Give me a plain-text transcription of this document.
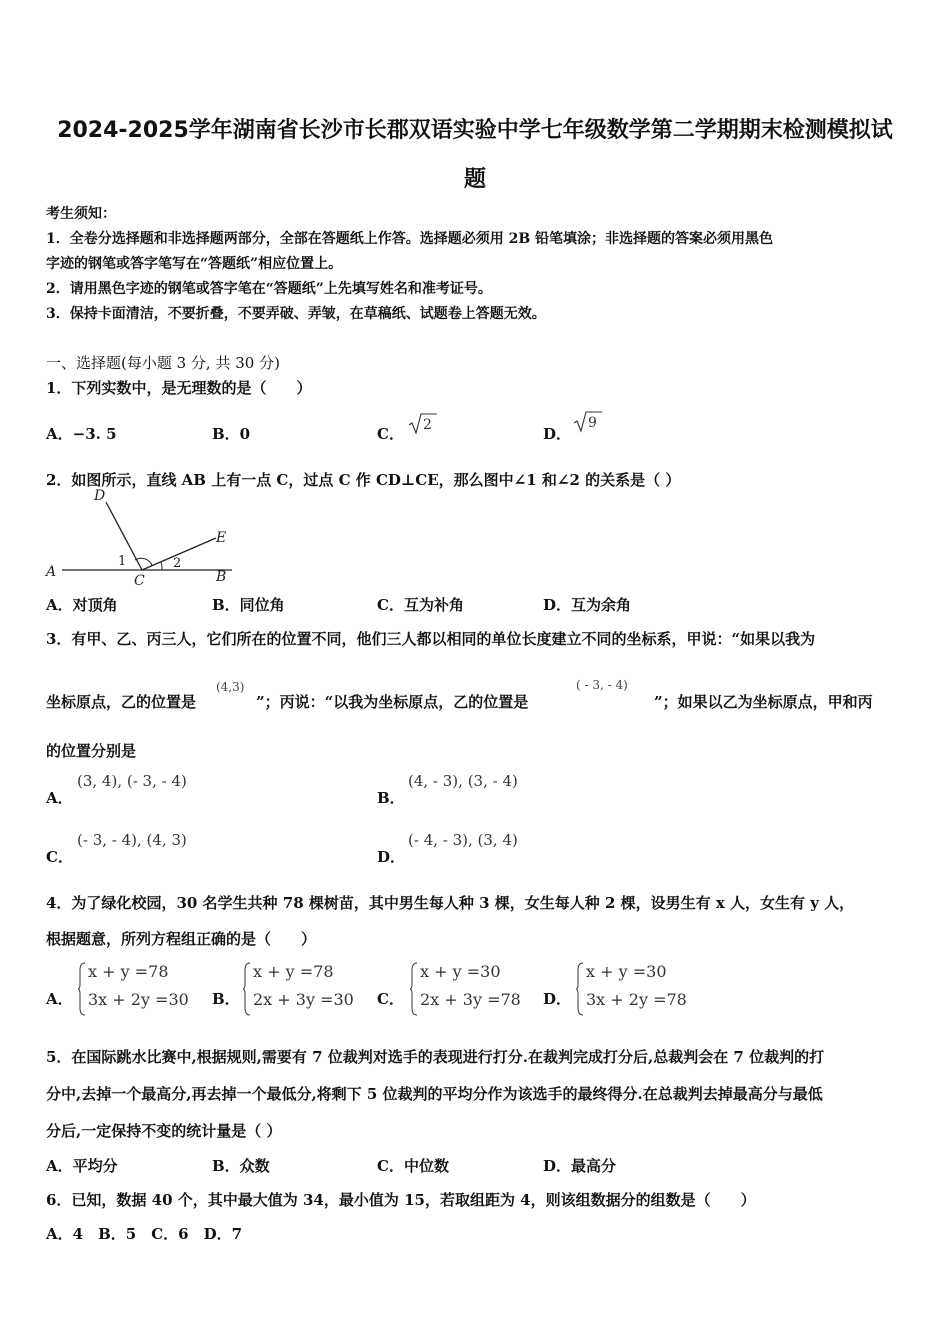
2024-2025学年湖南省长沙市长郡双语实验中学七年级数学第二学期期末检测模拟试
题
考生须知：
1．全卷分选择题和非选择题两部分，全部在答题纸上作答。选择题必须用 2B 铅笔填涂；非选择题的答案必须用黑色
字迹的钢笔或答字笔写在“答题纸”相应位置上。
2．请用黑色字迹的钢笔或答字笔在“答题纸”上先填写姓名和准考证号。
3．保持卡面清洁，不要折叠，不要弄破、弄皱，在草稿纸、试题卷上答题无效。
一、选择题(每小题 3 分, 共 30 分)
1．下列实数中，是无理数的是（　　）
A．−3. 5	B．0	C． 2	D．
9
2．如图所示，直线 AB 上有一点 C，过点 C 作 CD⊥CE，那么图中∠1 和∠2 的关系是（ ）
A	B
C
D
E
1	2
A．对顶角	B．同位角	C．互为补角	D．互为余角
3．有甲、乙、丙三人，它们所在的位置不同，他们三人都以相同的单位长度建立不同的坐标系，甲说：“如果以我为
坐标原点，乙的位置是
(4,3)
”；丙说：“以我为坐标原点，乙的位置是
( - 3, - 4)
”；如果以乙为坐标原点，甲和丙
的位置分别是
A．
(3, 4), (- 3, - 4)
B．
(4, - 3), (3, - 4)
C．
(- 3, - 4), (4, 3)
D．
(- 4, - 3), (3, 4)
4．为了绿化校园，30 名学生共种 78 棵树苗，其中男生每人种 3 棵，女生每人种 2 棵，设男生有 x 人，女生有 y 人，
根据题意，所列方程组正确的是（　　）
A．
x + y =78
3x + 2y =30 B．
x + y =78
2x + 3y =30 C．
x + y =30
2x + 3y =78 D．
x + y =30
3x + 2y =78
5．在国际跳水比赛中,根据规则,需要有 7 位裁判对选手的表现进行打分.在裁判完成打分后,总裁判会在 7 位裁判的打
分中,去掉一个最高分,再去掉一个最低分,将剩下 5 位裁判的平均分作为该选手的最终得分.在总裁判去掉最高分与最低
分后,一定保持不变的统计量是（ ）
A．平均分	B．众数	C．中位数	D．最高分
6．已知，数据 40 个，其中最大值为 34，最小值为 15，若取组距为 4，则该组数据分的组数是（　　）
A．4　B．5　C．6　D．7
